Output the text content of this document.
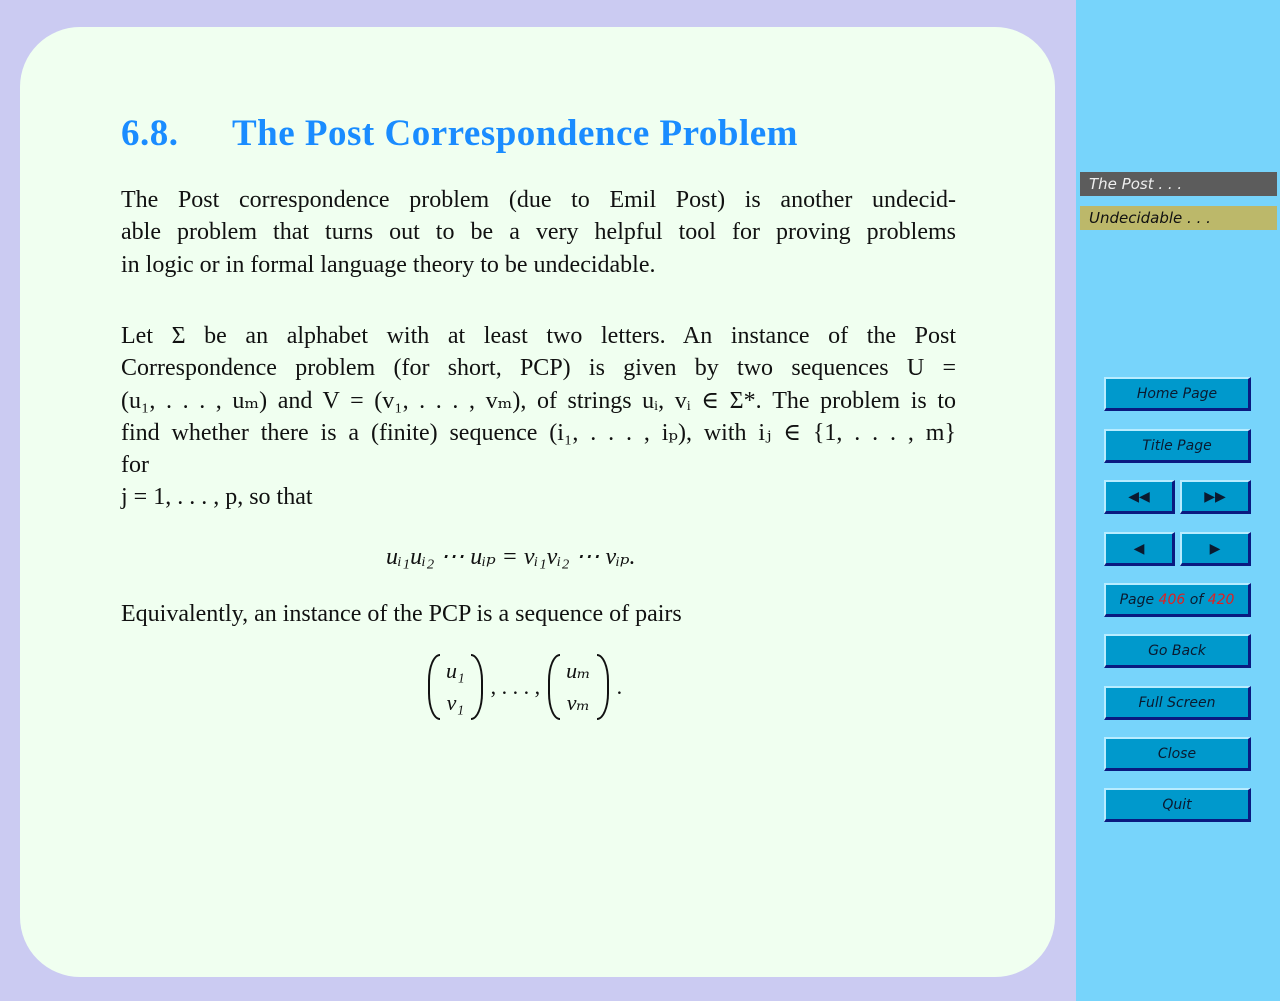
6.8. The Post Correspondence Problem
The Post correspondence problem (due to Emil Post) is another undecid-
able problem that turns out to be a very helpful tool for proving problems
in logic or in formal language theory to be undecidable.
Let Σ be an alphabet with at least two letters. An instance of the Post
Correspondence problem (for short, PCP) is given by two sequences U =
(u₁, . . . , uₘ) and V = (v₁, . . . , vₘ), of strings uᵢ, vᵢ ∈ Σ*. The problem is to
find whether there is a (finite) sequence (i₁, . . . , iₚ), with iⱼ ∈ {1, . . . , m}
for
j = 1, . . . , p, so that
uᵢ₁uᵢ₂ ⋯ uᵢₚ = vᵢ₁vᵢ₂ ⋯ vᵢₚ.
Equivalently, an instance of the PCP is a sequence of pairs
u₁
v₁
, . . . ,
uₘ
vₘ
.
The Post . . .
Undecidable . . .
Home Page
Title Page
◀◀	▶▶
◀	▶
Page
406
of
420
Go Back
Full Screen
Close
Quit
